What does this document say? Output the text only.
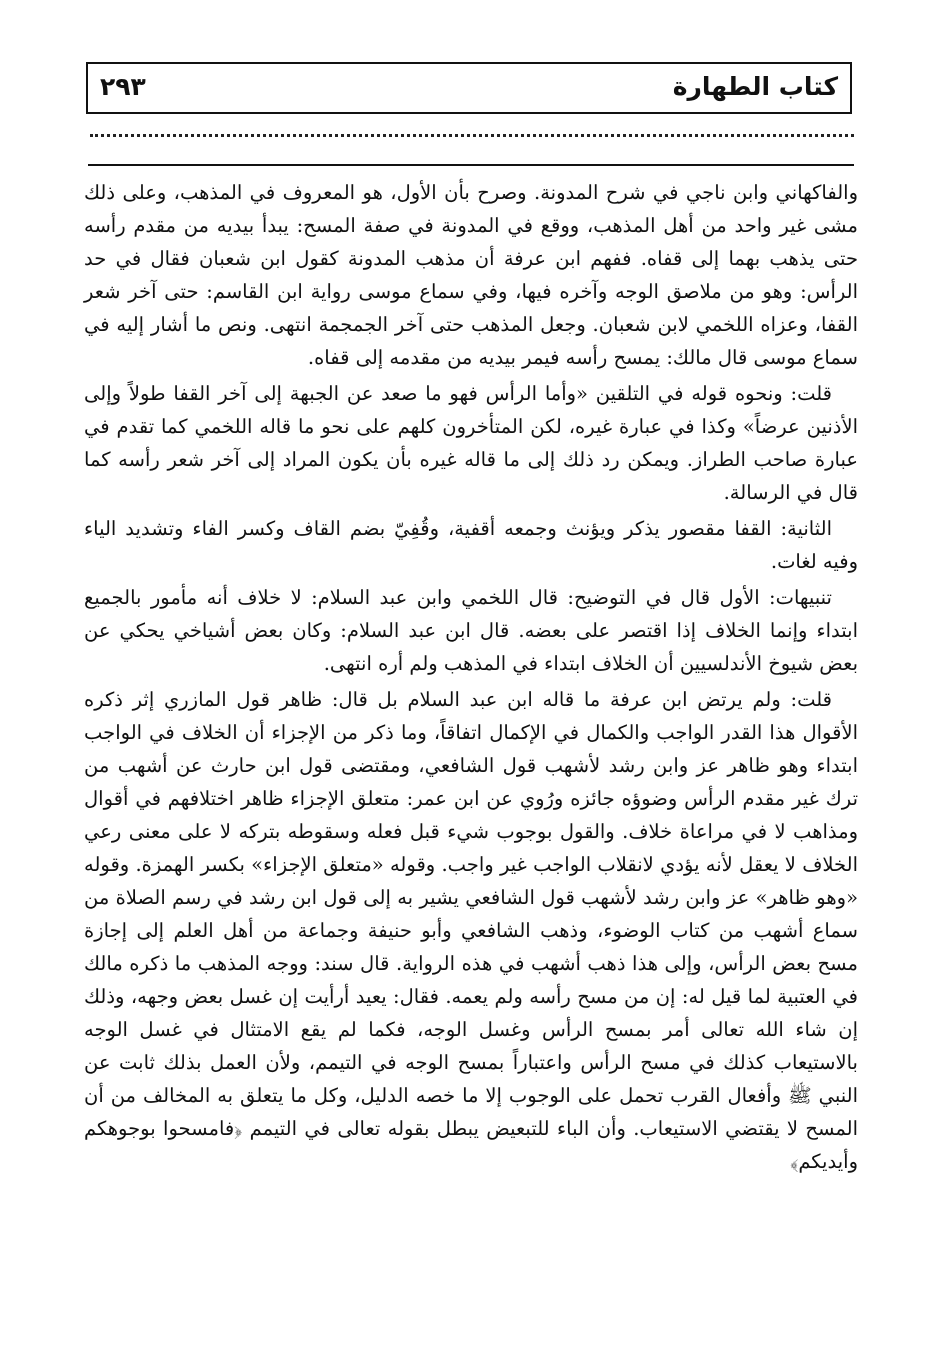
كتاب الطهارة
٢٩٣

والفاكهاني وابن ناجي في شرح المدونة. وصرح بأن الأول، هو المعروف في المذهب، وعلى ذلك مشى غير واحد من أهل المذهب، ووقع في المدونة في صفة المسح: يبدأ بيديه من مقدم رأسه حتى يذهب بهما إلى قفاه. ففهم ابن عرفة أن مذهب المدونة كقول ابن شعبان فقال في حد الرأس: وهو من ملاصق الوجه وآخره فيها، وفي سماع موسى رواية ابن القاسم: حتى آخر شعر القفا، وعزاه اللخمي لابن شعبان. وجعل المذهب حتى آخر الجمجمة انتهى. ونص ما أشار إليه في سماع موسى قال مالك: يمسح رأسه فيمر بيديه من مقدمه إلى قفاه.

قلت: ونحوه قوله في التلقين «وأما الرأس فهو ما صعد عن الجبهة إلى آخر القفا طولاً وإلى الأذنين عرضاً» وكذا في عبارة غيره، لكن المتأخرون كلهم على نحو ما قاله اللخمي كما تقدم في عبارة صاحب الطراز. ويمكن رد ذلك إلى ما قاله غيره بأن يكون المراد إلى آخر شعر رأسه كما قال في الرسالة.

الثانية: القفا مقصور يذكر ويؤنث وجمعه أقفية، وقُفِيّ بضم القاف وكسر الفاء وتشديد الياء وفيه لغات.

تنبيهات: الأول قال في التوضيح: قال اللخمي وابن عبد السلام: لا خلاف أنه مأمور بالجميع ابتداء وإنما الخلاف إذا اقتصر على بعضه. قال ابن عبد السلام: وكان بعض أشياخي يحكي عن بعض شيوخ الأندلسيين أن الخلاف ابتداء في المذهب ولم أره انتهى.

قلت: ولم يرتض ابن عرفة ما قاله ابن عبد السلام بل قال: ظاهر قول المازري إثر ذكره الأقوال هذا القدر الواجب والكمال في الإكمال اتفاقاً، وما ذكر من الإجزاء أن الخلاف في الواجب ابتداء وهو ظاهر عز وابن رشد لأشهب قول الشافعي، ومقتضى قول ابن حارث عن أشهب من ترك غير مقدم الرأس وضوؤه جائزه ورُوي عن ابن عمر: متعلق الإجزاء ظاهر اختلافهم في أقوال ومذاهب لا في مراعاة خلاف. والقول بوجوب شيء قبل فعله وسقوطه بتركه لا على معنى رعي الخلاف لا يعقل لأنه يؤدي لانقلاب الواجب غير واجب. وقوله «متعلق الإجزاء» بكسر الهمزة. وقوله «وهو ظاهر» عز وابن رشد لأشهب قول الشافعي يشير به إلى قول ابن رشد في رسم الصلاة من سماع أشهب من كتاب الوضوء، وذهب الشافعي وأبو حنيفة وجماعة من أهل العلم إلى إجازة مسح بعض الرأس، وإلى هذا ذهب أشهب في هذه الرواية. قال سند: ووجه المذهب ما ذكره مالك في العتبية لما قيل له: إن من مسح رأسه ولم يعمه. فقال: يعيد أرأيت إن غسل بعض وجهه، وذلك إن شاء الله تعالى أمر بمسح الرأس وغسل الوجه، فكما لم يقع الامتثال في غسل الوجه بالاستيعاب كذلك في مسح الرأس واعتباراً بمسح الوجه في التيمم، ولأن العمل بذلك ثابت عن النبي ﷺ وأفعال القرب تحمل على الوجوب إلا ما خصه الدليل، وكل ما يتعلق به المخالف من أن المسح لا يقتضي الاستيعاب. وأن الباء للتبعيض يبطل بقوله تعالى في التيمم ﴿فامسحوا بوجوهكم وأيديكم﴾
